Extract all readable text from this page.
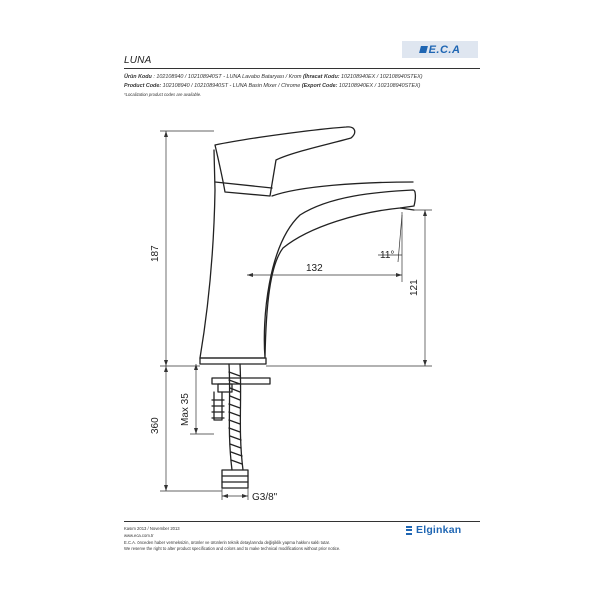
E.C.A
LUNA
Ürün Kodu : 102108940 / 102108940ST - LUNA Lavabo Bataryası / Krom (İhracat Kodu: 102108940EX / 102108940STEX)
Product Code: 102108940 / 102108940ST - LUNA Basin Mixer / Chrome (Export Code: 102108940EX / 102108940STEX)
*Localization product codes are available.
187
360 Max 35
121
132
11°
G3/8"
Kasım 2013 / November 2013
www.eca.com.tr
E.C.A. önceden haber vermeksizin, ürünler ve ürünlerin teknik detaylarında değişiklik yapma hakkını saklı tutar.
We reserve the right to alter product specification and colors and to make technical modifications without prior notice.
Elginkan
